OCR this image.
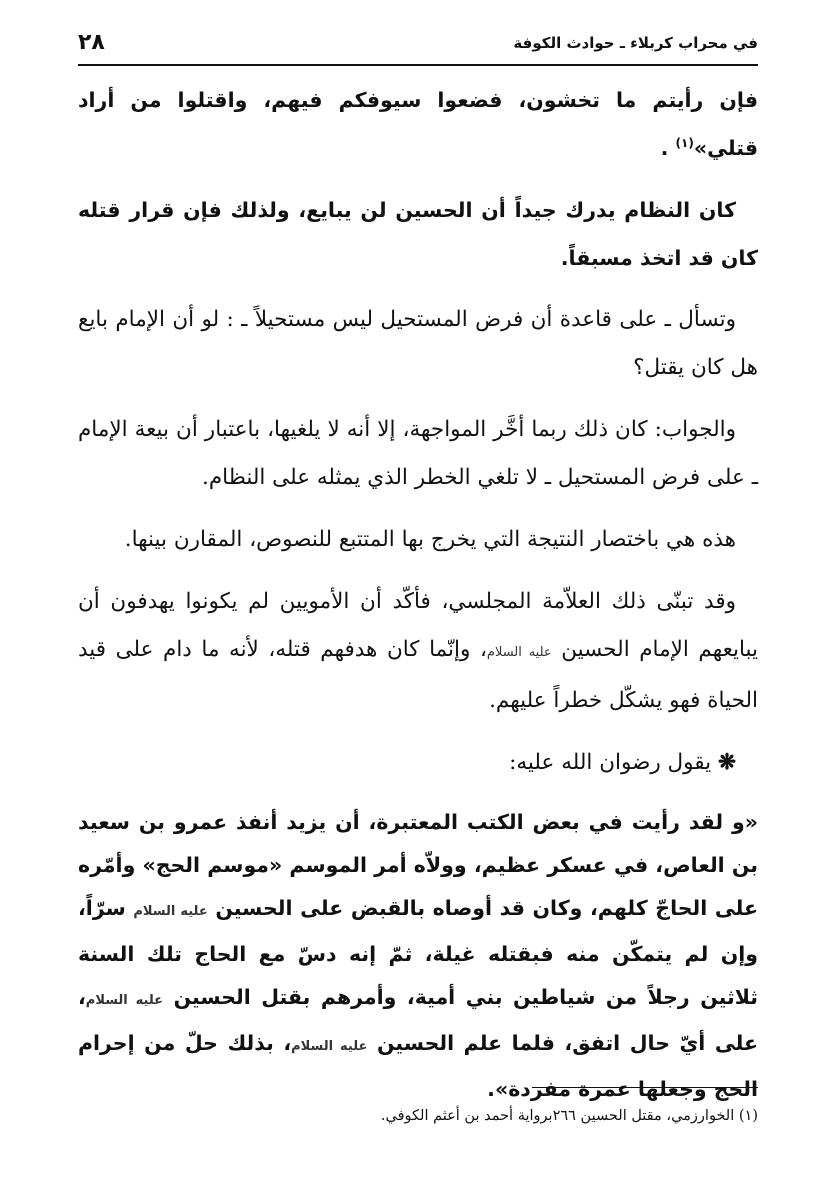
في محراب كربلاء ـ حوادث الكوفة
٢٨

فإن رأيتم ما تخشون، فضعوا سيوفكم فيهم، واقتلوا من أراد قتلي»$^{(١)}$ .

كان النظام يدرك جيداً أن الحسين لن يبايع، ولذلك فإن قرار قتله كان قد اتخذ مسبقاً.

وتسأل ـ على قاعدة أن فرض المستحيل ليس مستحيلاً ـ : لو أن الإمام بايع هل كان يقتل؟

والجواب: كان ذلك ربما أخَّر المواجهة، إلا أنه لا يلغيها، باعتبار أن بيعة الإمام ـ على فرض المستحيل ـ لا تلغي الخطر الذي يمثله على النظام.

هذه هي باختصار النتيجة التي يخرج بها المتتبع للنصوص، المقارن بينها.

وقد تبنّى ذلك العلاّمة المجلسي، فأكّد أن الأمويين لم يكونوا يهدفون أن يبايعهم الإمام الحسين عليه السلام، وإنّما كان هدفهم قتله، لأنه ما دام على قيد الحياة فهو يشكّل خطراً عليهم.

❋ يقول رضوان الله عليه:

«و لقد رأيت في بعض الكتب المعتبرة، أن يزيد أنفذ عمرو بن سعيد بن العاص، في عسكر عظيم، وولاّه أمر الموسم «موسم الحج» وأمّره على الحاجّ كلهم، وكان قد أوصاه بالقبض على الحسين عليه السلام سرّاً، وإن لم يتمكّن منه فبقتله غيلة، ثمّ إنه دسّ مع الحاج تلك السنة ثلاثين رجلاً من شياطين بني أمية، وأمرهم بقتل الحسين عليه السلام، على أيّ حال اتفق، فلما علم الحسين عليه السلام، بذلك حلّ من إحرام الحج وجعلها عمرة مفردة».

(١) الخوارزمي، مقتل الحسين ٢٦٦برواية أحمد بن أعثم الكوفي.
